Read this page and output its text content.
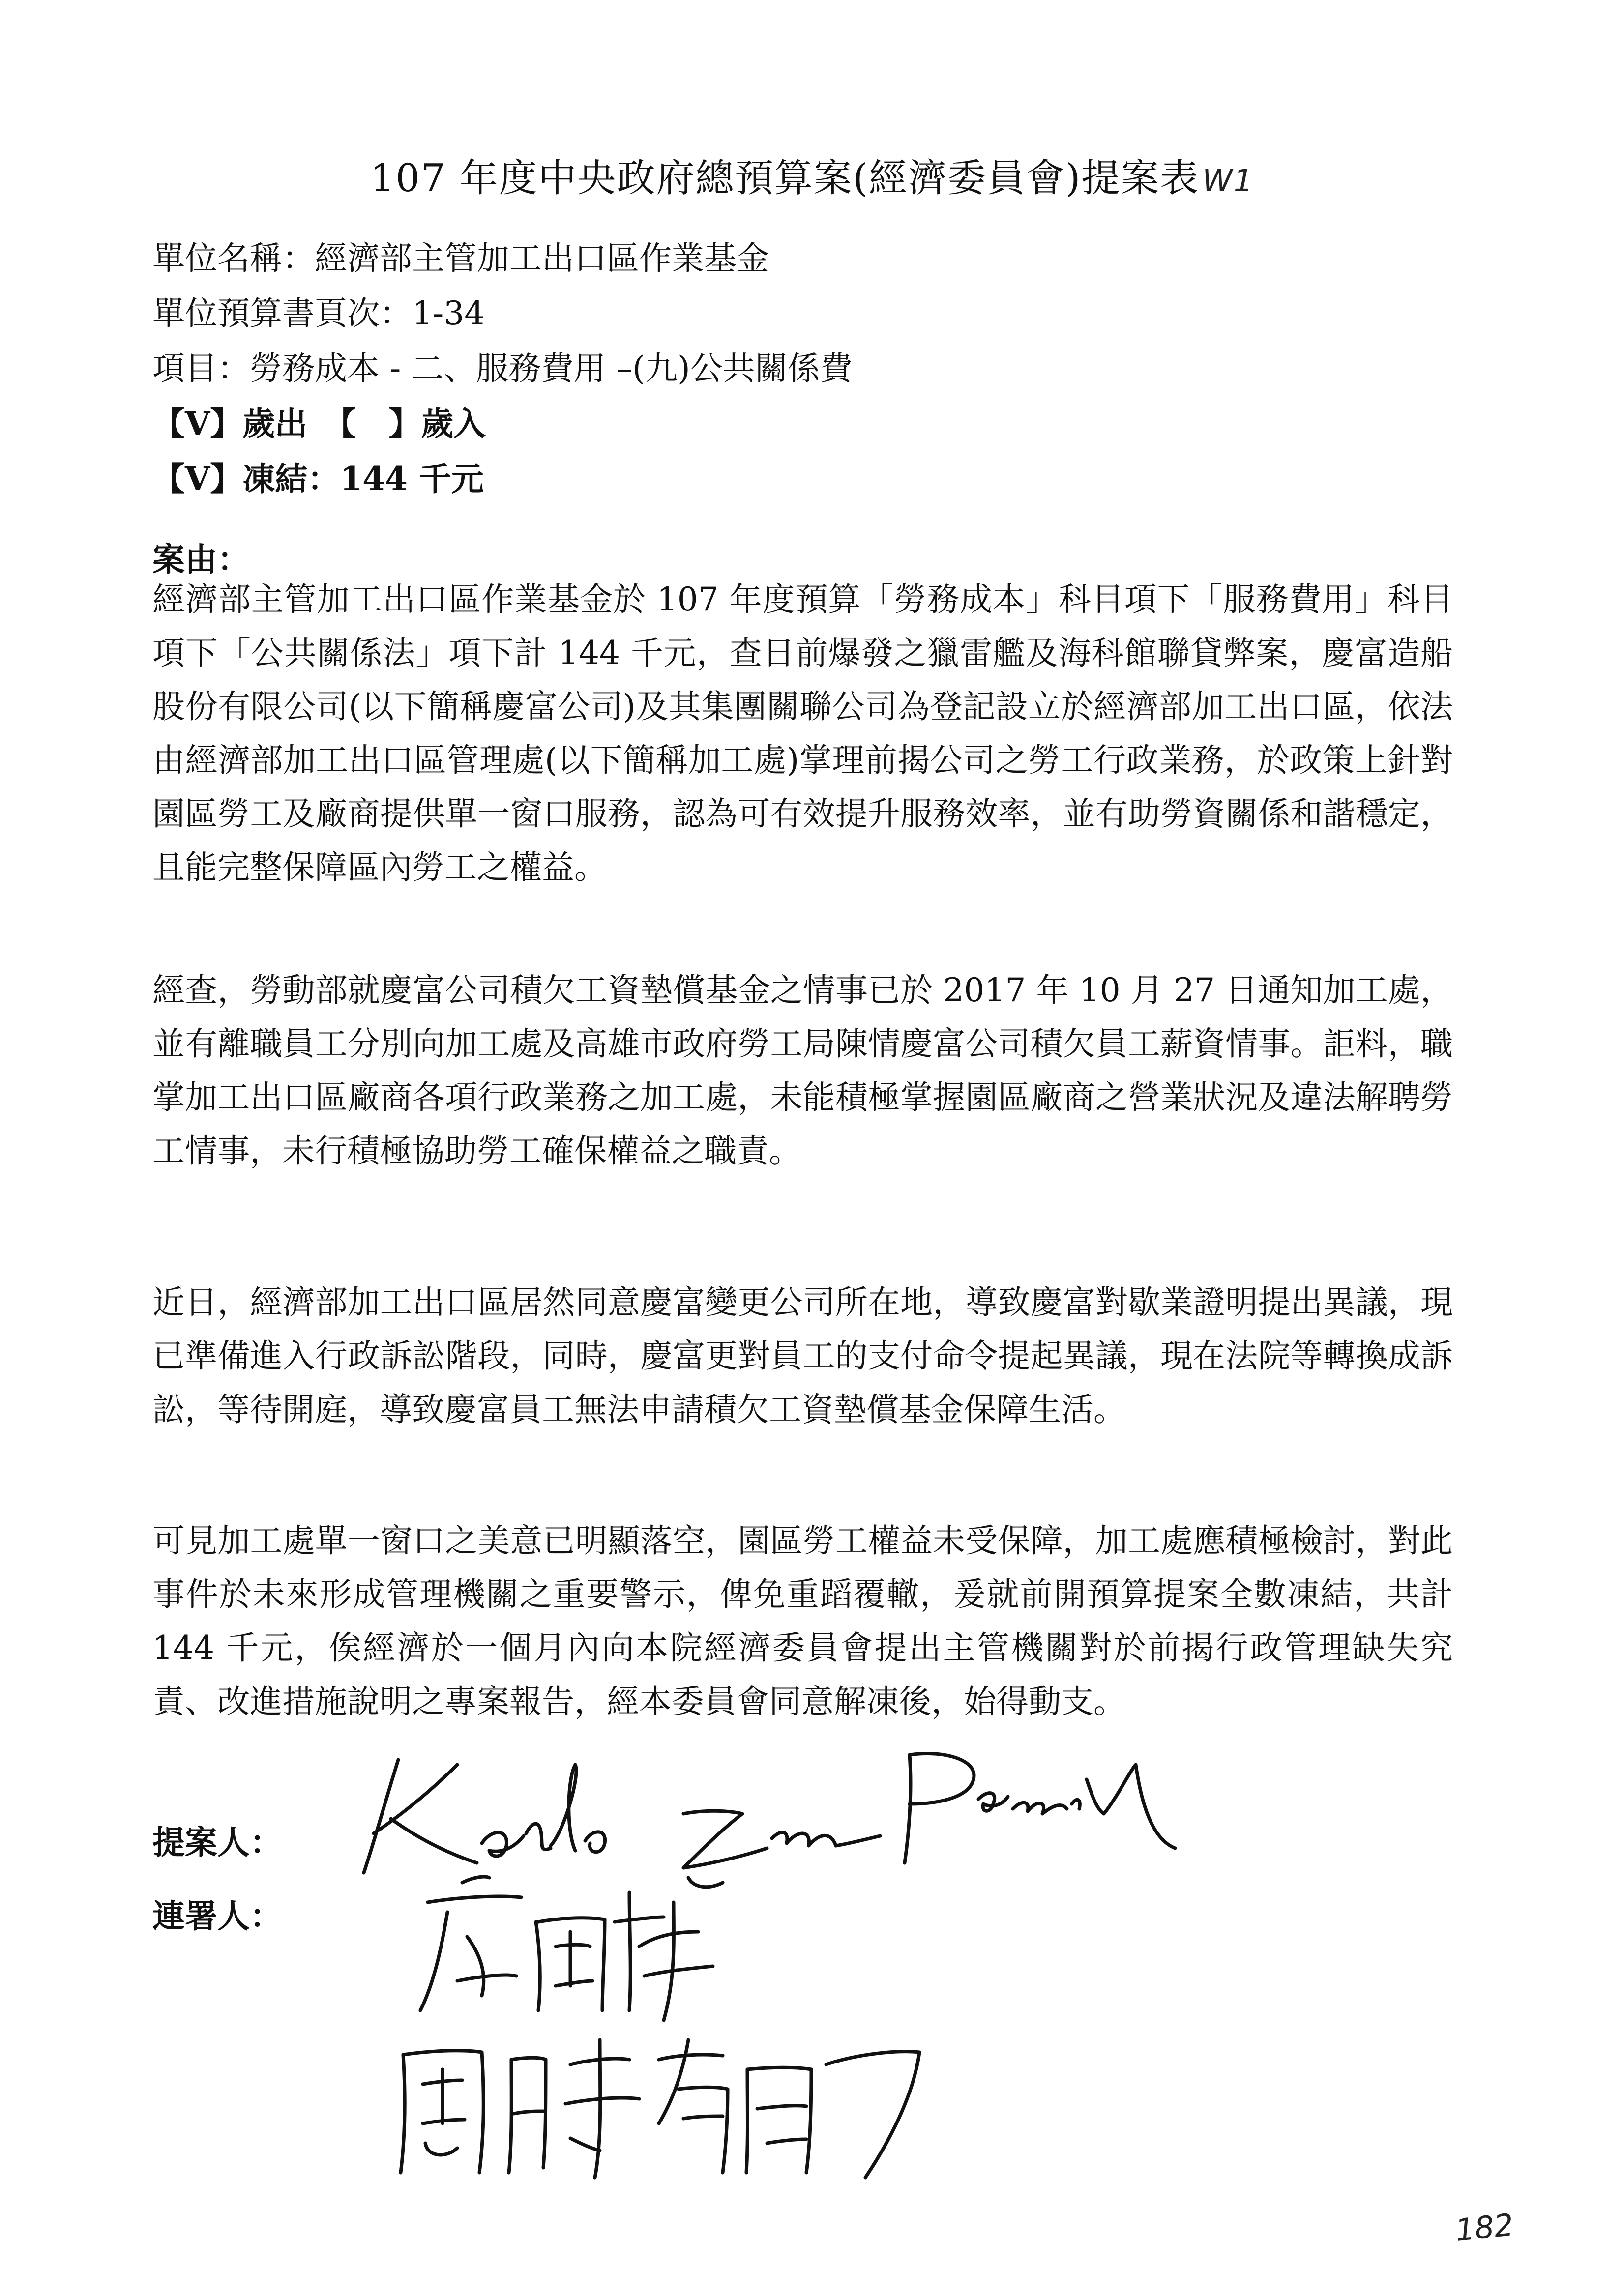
107 年度中央政府總預算案(經濟委員會)提案表W1
單位名稱：經濟部主管加工出口區作業基金
單位預算書頁次：1-34
項目：勞務成本 - 二、服務費用 –(九)公共關係費
【V】歲出　【　】歲入
【V】凍結：144 千元
案由：

經濟部主管加工出口區作業基金於 107 年度預算「勞務成本」科目項下「服務費用」科目項下「公共關係法」項下計 144 千元，查日前爆發之獵雷艦及海科館聯貸弊案，慶富造船股份有限公司(以下簡稱慶富公司)及其集團關聯公司為登記設立於經濟部加工出口區，依法由經濟部加工出口區管理處(以下簡稱加工處)掌理前揭公司之勞工行政業務，於政策上針對園區勞工及廠商提供單一窗口服務，認為可有效提升服務效率，並有助勞資關係和諧穩定，且能完整保障區內勞工之權益。

經查，勞動部就慶富公司積欠工資墊償基金之情事已於 2017 年 10 月 27 日通知加工處，並有離職員工分別向加工處及高雄市政府勞工局陳情慶富公司積欠員工薪資情事。詎料，職掌加工出口區廠商各項行政業務之加工處，未能積極掌握園區廠商之營業狀況及違法解聘勞工情事，未行積極協助勞工確保權益之職責。

近日，經濟部加工出口區居然同意慶富變更公司所在地，導致慶富對歇業證明提出異議，現已準備進入行政訴訟階段，同時，慶富更對員工的支付命令提起異議，現在法院等轉換成訴訟，等待開庭，導致慶富員工無法申請積欠工資墊償基金保障生活。

可見加工處單一窗口之美意已明顯落空，園區勞工權益未受保障，加工處應積極檢討，對此事件於未來形成管理機關之重要警示，俾免重蹈覆轍，爰就前開預算提案全數凍結，共計 144 千元，俟經濟於一個月內向本院經濟委員會提出主管機關對於前揭行政管理缺失究責、改進措施說明之專案報告，經本委員會同意解凍後，始得動支。

提案人：
連署人：
182
